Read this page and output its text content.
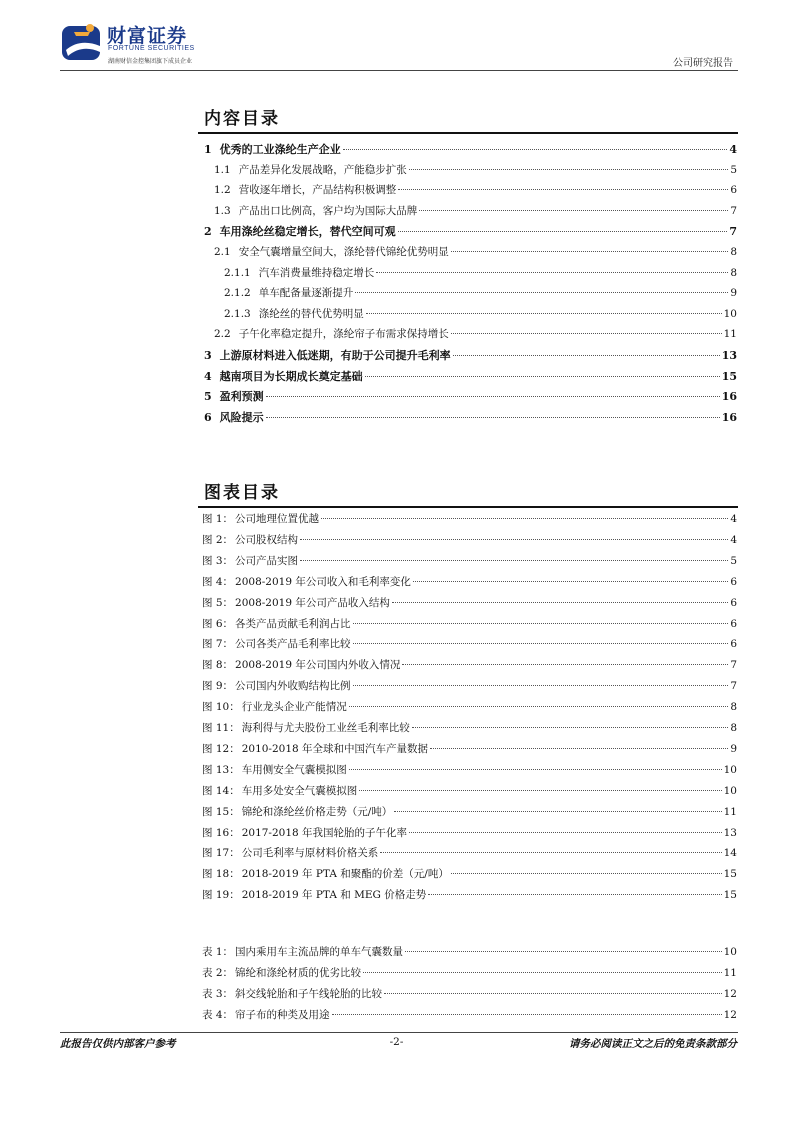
财富证券
FORTUNE SECURITIES
湖南财信金控集团旗下成员企业	公司研究报告
内容目录
1 优秀的工业涤纶生产企业	4
1.1 产品差异化发展战略，产能稳步扩张	5
1.2 营收逐年增长，产品结构积极调整	6
1.3 产品出口比例高，客户均为国际大品牌	7
2 车用涤纶丝稳定增长，替代空间可观	7
2.1 安全气囊增量空间大，涤纶替代锦纶优势明显	8
2.1.1 汽车消费量维持稳定增长	8
2.1.2 单车配备量逐渐提升	9
2.1.3 涤纶丝的替代优势明显	10
2.2 子午化率稳定提升，涤纶帘子布需求保持增长	11
3 上游原材料进入低迷期，有助于公司提升毛利率	13
4 越南项目为长期成长奠定基础	15
5 盈利预测	16
6 风险提示	16
图表目录
图 1： 公司地理位置优越	4
图 2： 公司股权结构	4
图 3： 公司产品实图	5
图 4： 2008-2019 年公司收入和毛利率变化	6
图 5： 2008-2019 年公司产品收入结构	6
图 6： 各类产品贡献毛利润占比	6
图 7： 公司各类产品毛利率比较	6
图 8： 2008-2019 年公司国内外收入情况	7
图 9： 公司国内外收购结构比例	7
图 10： 行业龙头企业产能情况	8
图 11： 海利得与尤夫股份工业丝毛利率比较	8
图 12： 2010-2018 年全球和中国汽车产量数据	9
图 13： 车用侧安全气囊模拟图	10
图 14： 车用多处安全气囊模拟图	10
图 15： 锦纶和涤纶丝价格走势（元/吨）	11
图 16： 2017-2018 年我国轮胎的子午化率	13
图 17： 公司毛利率与原材料价格关系	14
图 18： 2018-2019 年 PTA 和聚酯的价差（元/吨）	15
图 19： 2018-2019 年 PTA 和 MEG 价格走势	15
表 1： 国内乘用车主流品牌的单车气囊数量	10
表 2： 锦纶和涤纶材质的优劣比较	11
表 3： 斜交线轮胎和子午线轮胎的比较	12
表 4： 帘子布的种类及用途	12
此报告仅供内部客户参考	-2-	请务必阅读正文之后的免责条款部分
